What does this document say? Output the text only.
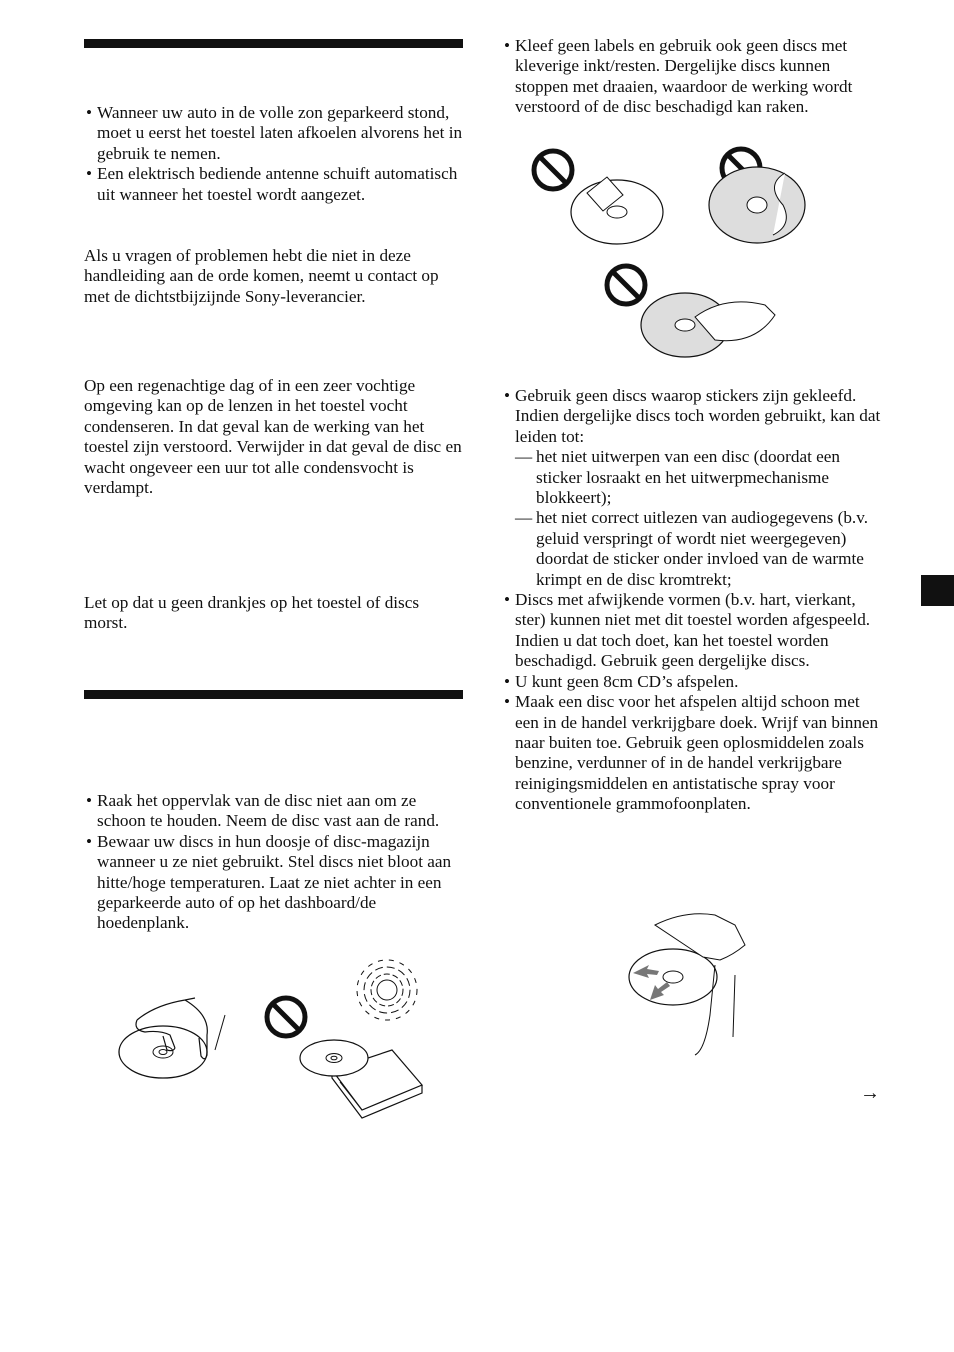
• Wanneer uw auto in de volle zon geparkeerd stond, moet u eerst het toestel laten afkoelen alvorens het in gebruik te nemen.

• Een elektrisch bediende antenne schuift automatisch uit wanneer het toestel wordt aangezet.

Als u vragen of problemen hebt die niet in deze handleiding aan de orde komen, neemt u contact op met de dichtstbijzijnde Sony-leverancier.

Op een regenachtige dag of in een zeer vochtige omgeving kan op de lenzen in het toestel vocht condenseren. In dat geval kan de werking van het toestel zijn verstoord. Verwijder in dat geval de disc en wacht ongeveer een uur tot alle condensvocht is verdampt.

Let op dat u geen drankjes op het toestel of discs morst.

• Raak het oppervlak van de disc niet aan om ze schoon te houden. Neem de disc vast aan de rand.

• Bewaar uw discs in hun doosje of disc-magazijn wanneer u ze niet gebruikt. Stel discs niet bloot aan hitte/hoge temperaturen. Laat ze niet achter in een geparkeerde auto of op het dashboard/de hoedenplank.

• Kleef geen labels en gebruik ook geen discs met kleverige inkt/resten. Dergelijke discs kunnen stoppen met draaien, waardoor de werking wordt verstoord of de disc beschadigd kan raken.

• Gebruik geen discs waarop stickers zijn gekleefd.

Indien dergelijke discs toch worden gebruikt, kan dat leiden tot:

— het niet uitwerpen van een disc (doordat een sticker losraakt en het uitwerpmechanisme blokkeert);

— het niet correct uitlezen van audiogegevens (b.v. geluid verspringt of wordt niet weergegeven) doordat de sticker onder invloed van de warmte krimpt en de disc kromtrekt;

• Discs met afwijkende vormen (b.v. hart, vierkant, ster) kunnen niet met dit toestel worden afgespeeld. Indien u dat toch doet, kan het toestel worden beschadigd. Gebruik geen dergelijke discs.

• U kunt geen 8cm CD’s afspelen.

• Maak een disc voor het afspelen altijd schoon met een in de handel verkrijgbare doek. Wrijf van binnen naar buiten toe. Gebruik geen oplosmiddelen zoals benzine, verdunner of in de handel verkrijgbare reinigingsmiddelen en antistatische spray voor conventionele grammofoonplaten.

→
